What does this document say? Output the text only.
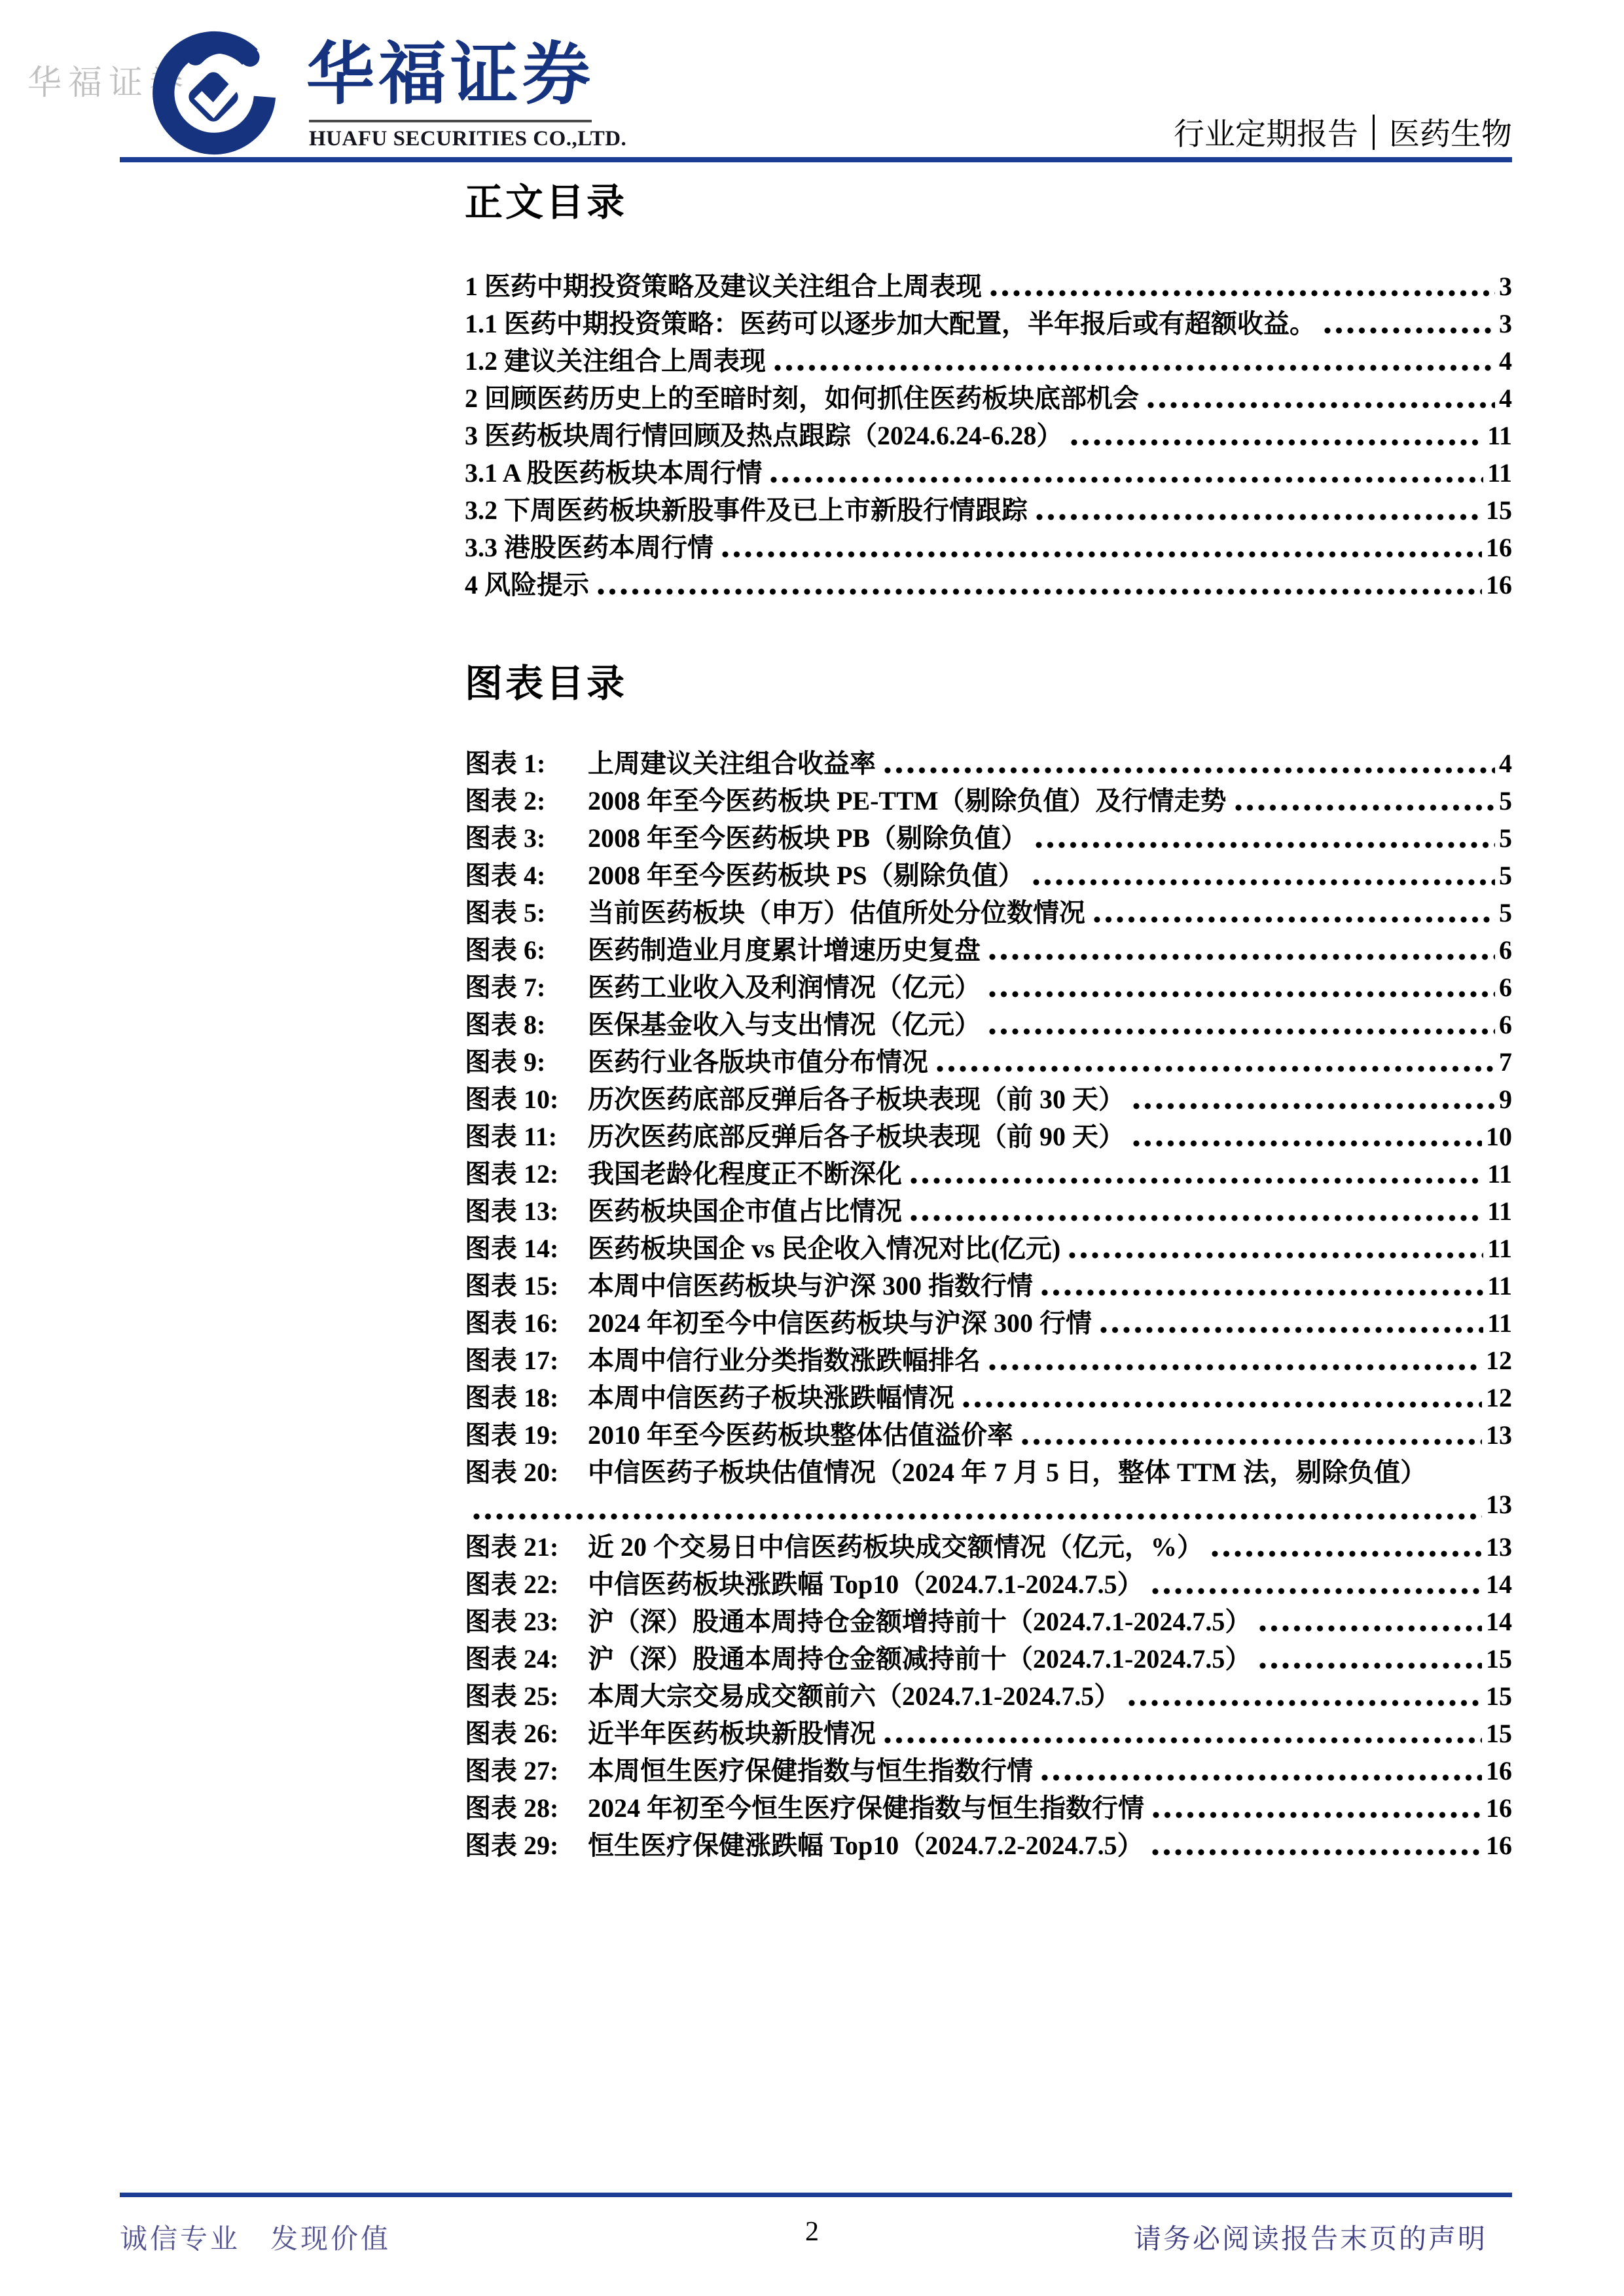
华福证券 华福证券
HUAFU SECURITIES CO.,LTD.	行业定期报告 医药生物
正文目录
1 医药中期投资策略及建议关注组合上周表现	3
1.1 医药中期投资策略：医药可以逐步加大配置，半年报后或有超额收益。	3
1.2 建议关注组合上周表现	4
2 回顾医药历史上的至暗时刻，如何抓住医药板块底部机会	4
3 医药板块周行情回顾及热点跟踪（2024.6.24-6.28）	11
3.1 A 股医药板块本周行情	11
3.2 下周医药板块新股事件及已上市新股行情跟踪	15
3.3 港股医药本周行情	16
4 风险提示	16
图表目录
图表 1:	上周建议关注组合收益率	4
图表 2:	2008 年至今医药板块 PE-TTM（剔除负值）及行情走势	5
图表 3:	2008 年至今医药板块 PB（剔除负值）	5
图表 4:	2008 年至今医药板块 PS（剔除负值）	5
图表 5:	当前医药板块（申万）估值所处分位数情况	5
图表 6:	医药制造业月度累计增速历史复盘	6
图表 7:	医药工业收入及利润情况（亿元）	6
图表 8:	医保基金收入与支出情况（亿元）	6
图表 9:	医药行业各版块市值分布情况	7
图表 10:	历次医药底部反弹后各子板块表现（前 30 天）	9
图表 11:	历次医药底部反弹后各子板块表现（前 90 天）	10
图表 12:	我国老龄化程度正不断深化	11
图表 13:	医药板块国企市值占比情况	11
图表 14:	医药板块国企 vs 民企收入情况对比(亿元)	11
图表 15:	本周中信医药板块与沪深 300 指数行情	11
图表 16:	2024 年初至今中信医药板块与沪深 300 行情	11
图表 17:	本周中信行业分类指数涨跌幅排名	12
图表 18:	本周中信医药子板块涨跌幅情况	12
图表 19:	2010 年至今医药板块整体估值溢价率	13
图表 20:	中信医药子板块估值情况（2024 年 7 月 5 日，整体 TTM 法，剔除负值）
13
图表 21:	近 20 个交易日中信医药板块成交额情况（亿元，%）	13
图表 22:	中信医药板块涨跌幅 Top10（2024.7.1-2024.7.5）	14
图表 23:	沪（深）股通本周持仓金额增持前十（2024.7.1-2024.7.5）	14
图表 24:	沪（深）股通本周持仓金额减持前十（2024.7.1-2024.7.5）	15
图表 25:	本周大宗交易成交额前六（2024.7.1-2024.7.5）	15
图表 26:	近半年医药板块新股情况	15
图表 27:	本周恒生医疗保健指数与恒生指数行情	16
图表 28:	2024 年初至今恒生医疗保健指数与恒生指数行情	16
图表 29:	恒生医疗保健涨跌幅 Top10（2024.7.2-2024.7.5）	16
诚信专业　发现价值	2	请务必阅读报告末页的声明
